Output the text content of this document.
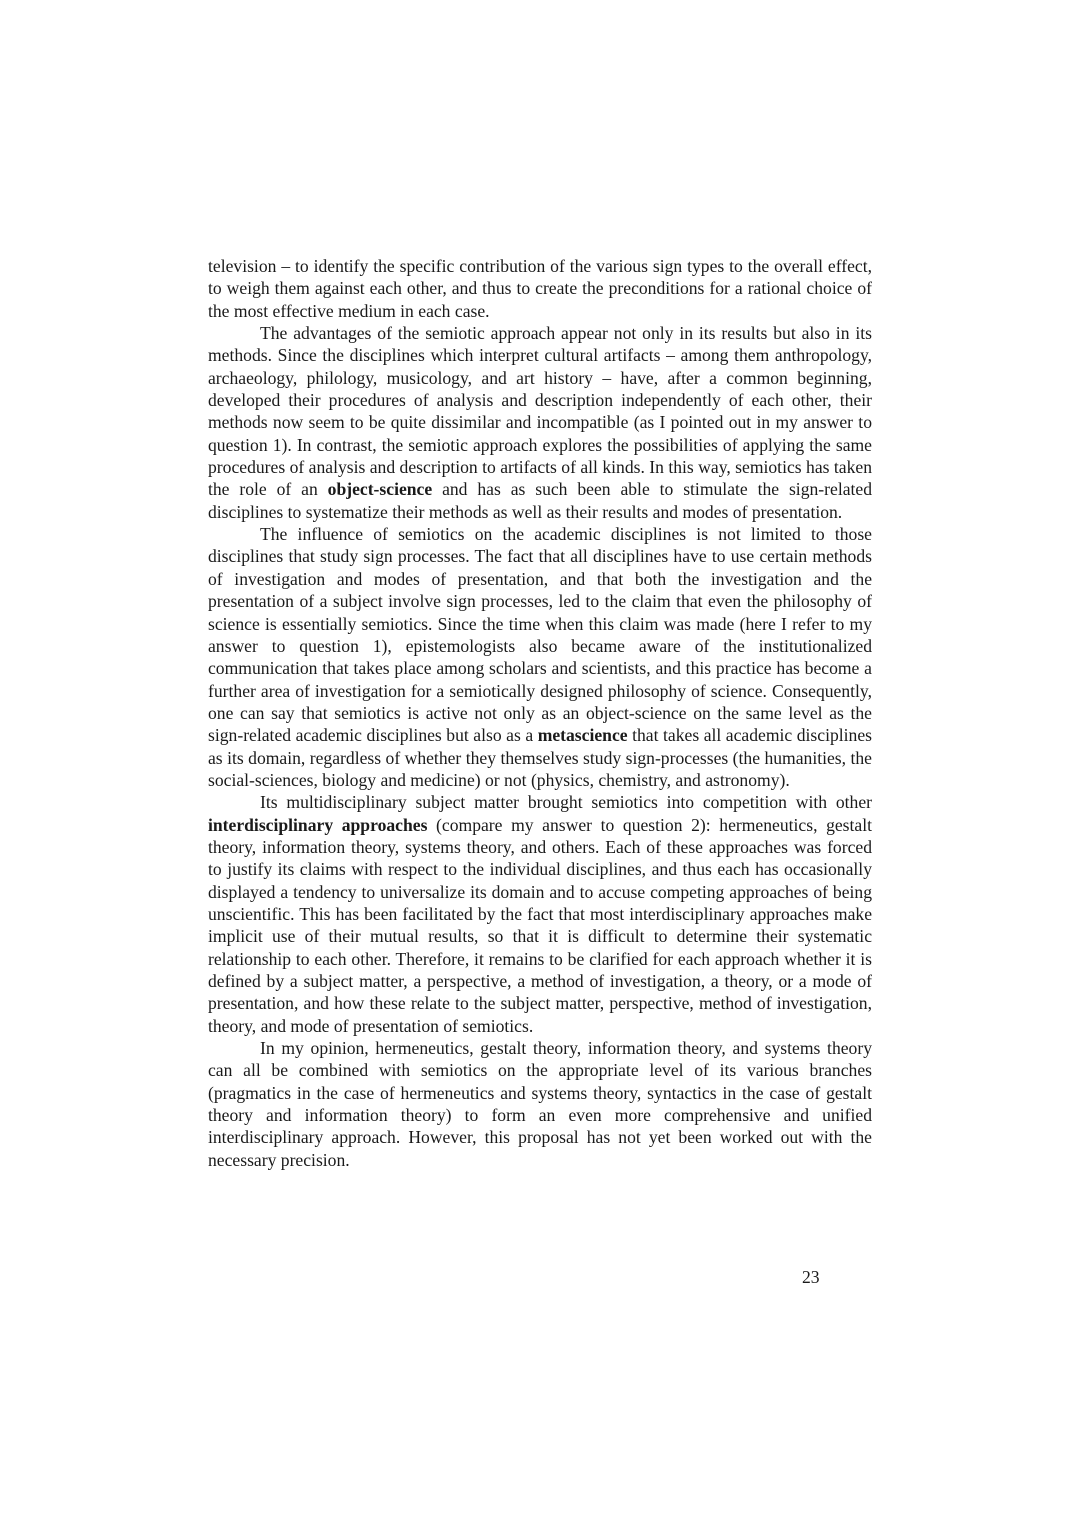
television – to identify the specific contribution of the various sign types to the overall effect, to weigh them against each other, and thus to create the preconditions for a rational choice of the most effective medium in each case.

The advantages of the semiotic approach appear not only in its results but also in its methods. Since the disciplines which interpret cultural artifacts – among them anthropology, archaeology, philology, musicology, and art history – have, after a common beginning, developed their procedures of analysis and description independently of each other, their methods now seem to be quite dissimilar and incompatible (as I pointed out in my answer to question 1). In contrast, the semiotic approach explores the possibilities of applying the same procedures of analysis and description to artifacts of all kinds. In this way, semiotics has taken the role of an object-science and has as such been able to stimulate the sign-related disciplines to systematize their methods as well as their results and modes of presentation.

The influence of semiotics on the academic disciplines is not limited to those disciplines that study sign processes. The fact that all disciplines have to use certain methods of investigation and modes of presentation, and that both the investigation and the presentation of a subject involve sign processes, led to the claim that even the philosophy of science is essentially semiotics. Since the time when this claim was made (here I refer to my answer to question 1), epistemologists also became aware of the institutionalized communication that takes place among scholars and scientists, and this practice has become a further area of investigation for a semiotically designed philosophy of science. Consequently, one can say that semiotics is active not only as an object-science on the same level as the sign-related academic disciplines but also as a metascience that takes all academic disciplines as its domain, regardless of whether they themselves study sign-processes (the humanities, the social-sciences, biology and medicine) or not (physics, chemistry, and astronomy).

Its multidisciplinary subject matter brought semiotics into competition with other interdisciplinary approaches (compare my answer to question 2): hermeneutics, gestalt theory, information theory, systems theory, and others. Each of these approaches was forced to justify its claims with respect to the individual disciplines, and thus each has occasionally displayed a tendency to universalize its domain and to accuse competing approaches of being unscientific. This has been facilitated by the fact that most interdisciplinary approaches make implicit use of their mutual results, so that it is difficult to determine their systematic relationship to each other. Therefore, it remains to be clarified for each approach whether it is defined by a subject matter, a perspective, a method of investigation, a theory, or a mode of presentation, and how these relate to the subject matter, perspective, method of investigation, theory, and mode of presentation of semiotics.

In my opinion, hermeneutics, gestalt theory, information theory, and systems theory can all be combined with semiotics on the appropriate level of its various branches (pragmatics in the case of hermeneutics and systems theory, syntactics in the case of gestalt theory and information theory) to form an even more comprehensive and unified interdisciplinary approach. However, this proposal has not yet been worked out with the necessary precision.

23
